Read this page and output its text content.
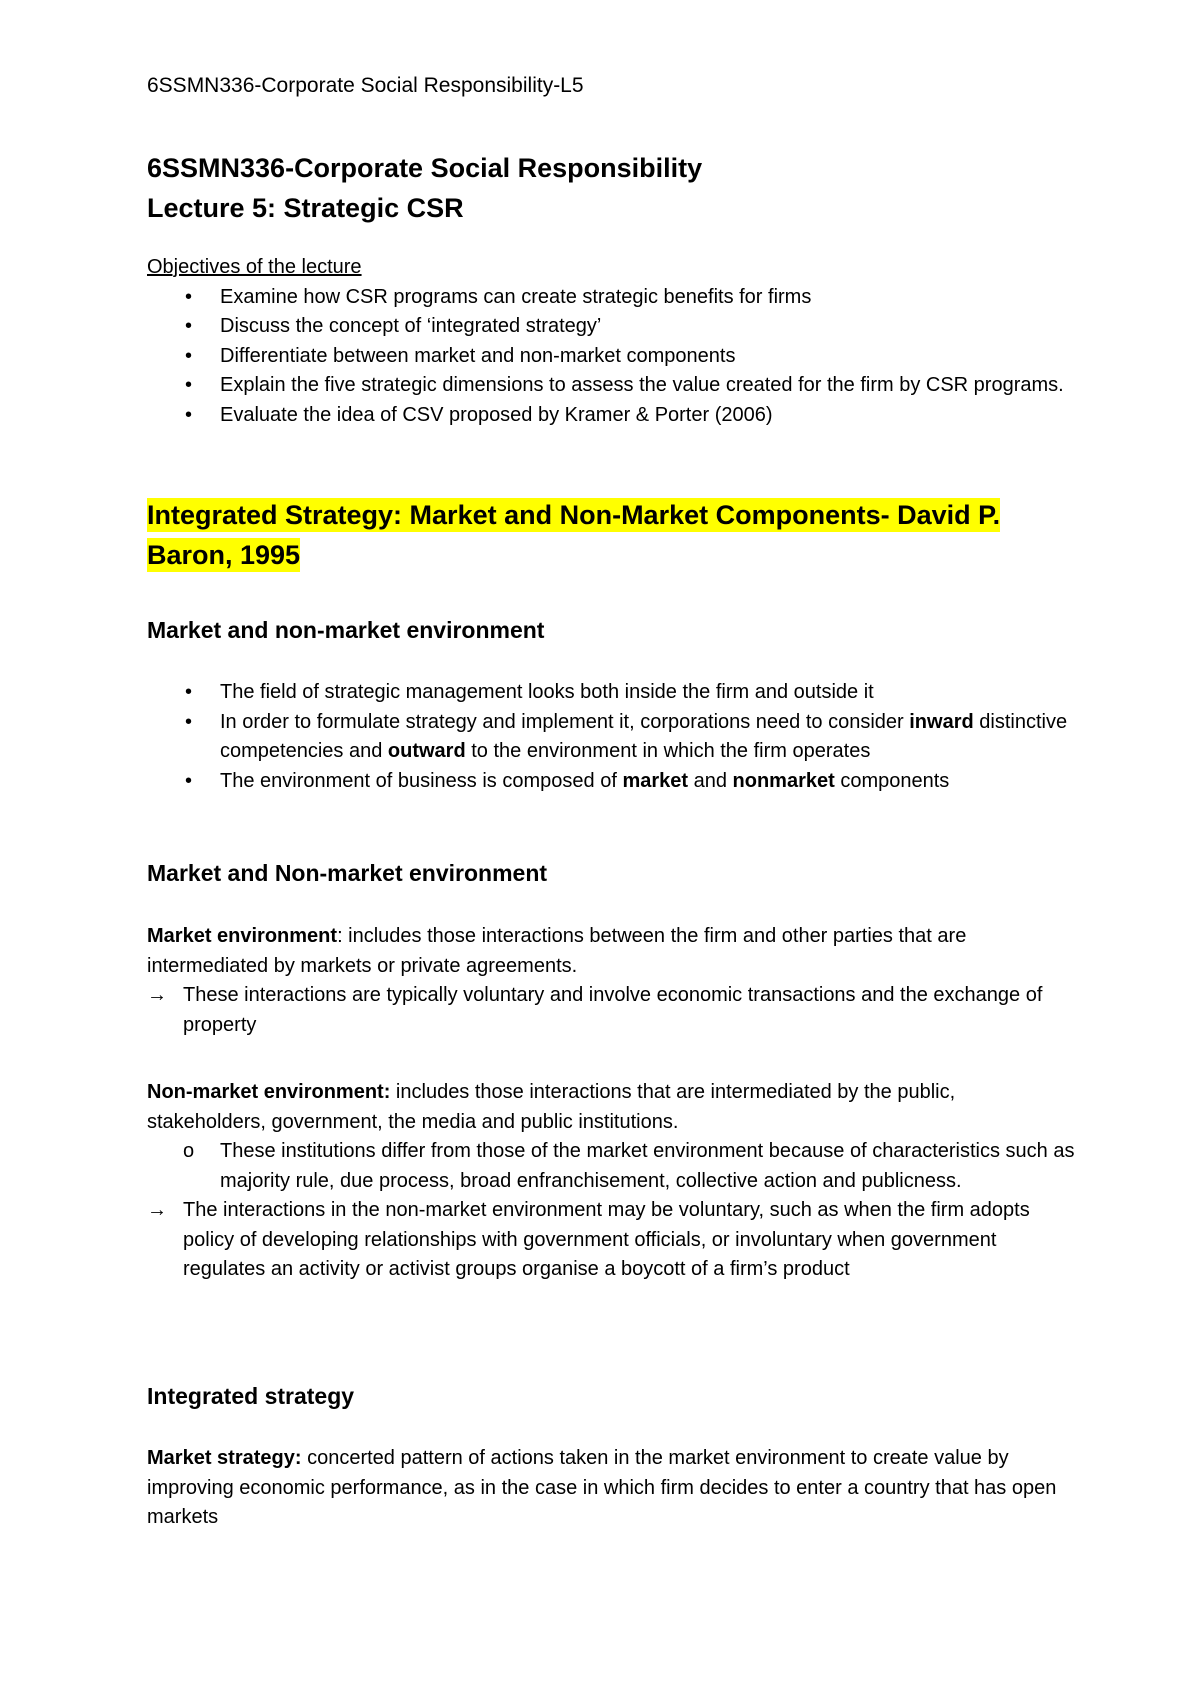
6SSMN336-Corporate Social Responsibility-L5
6SSMN336-Corporate Social Responsibility
Lecture 5: Strategic CSR
Objectives of the lecture
• Examine how CSR programs can create strategic benefits for firms
• Discuss the concept of ‘integrated strategy’
• Differentiate between market and non-market components
• Explain the five strategic dimensions to assess the value created for the firm by CSR programs.
• Evaluate the idea of CSV proposed by Kramer & Porter (2006)
Integrated Strategy: Market and Non-Market Components- David P. Baron, 1995
Market and non-market environment
• The field of strategic management looks both inside the firm and outside it
• In order to formulate strategy and implement it, corporations need to consider inward distinctive competencies and outward to the environment in which the firm operates
• The environment of business is composed of market and nonmarket components
Market and Non-market environment
Market environment: includes those interactions between the firm and other parties that are intermediated by markets or private agreements.
→ These interactions are typically voluntary and involve economic transactions and the exchange of property
Non-market environment: includes those interactions that are intermediated by the public, stakeholders, government, the media and public institutions.
o These institutions differ from those of the market environment because of characteristics such as majority rule, due process, broad enfranchisement, collective action and publicness.
→ The interactions in the non-market environment may be voluntary, such as when the firm adopts policy of developing relationships with government officials, or involuntary when government regulates an activity or activist groups organise a boycott of a firm’s product
Integrated strategy
Market strategy: concerted pattern of actions taken in the market environment to create value by improving economic performance, as in the case in which firm decides to enter a country that has open markets
